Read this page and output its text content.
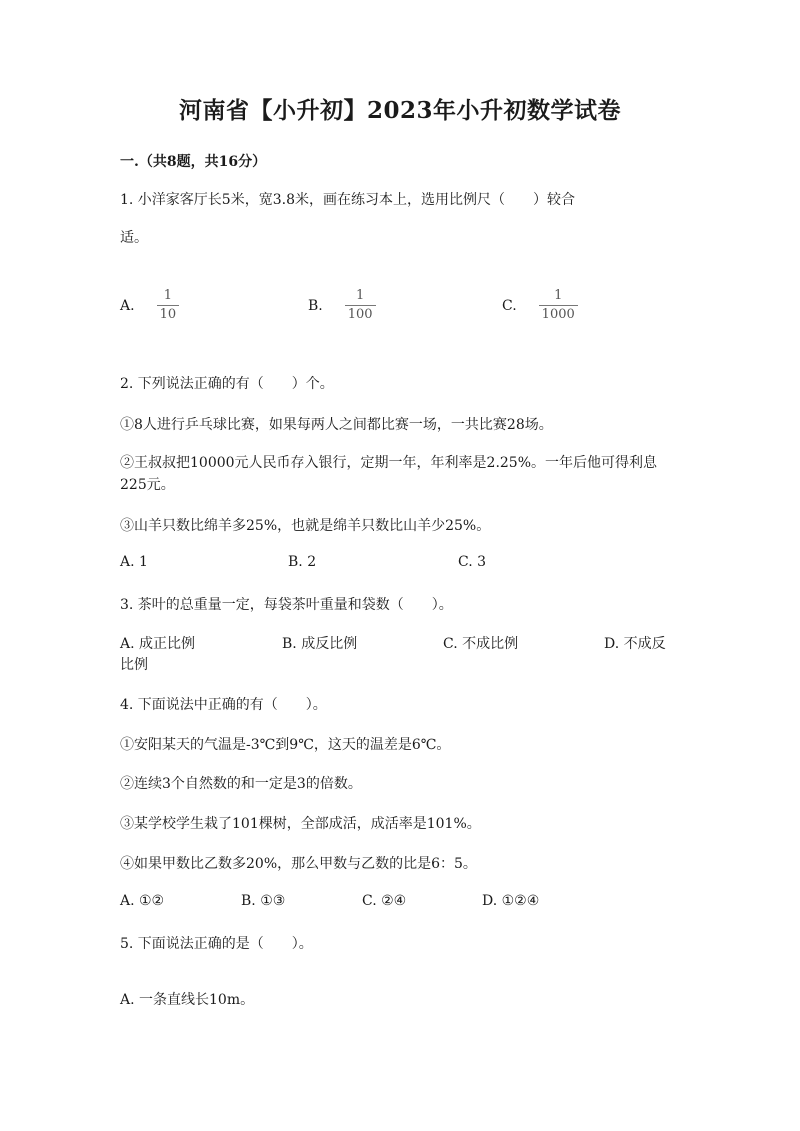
河南省【小升初】2023年小升初数学试卷
一.（共8题，共16分）
1. 小洋家客厅长5米，宽3.8米，画在练习本上，选用比例尺（　　）较合
适。
A. $\frac{1}{10}$	B. $\frac{1}{100}$	C. $\frac{1}{1000}$
2. 下列说法正确的有（　　）个。
①8人进行乒乓球比赛，如果每两人之间都比赛一场，一共比赛28场。
②王叔叔把10000元人民币存入银行，定期一年，年利率是2.25%。一年后他可得利息225元。
③山羊只数比绵羊多25%，也就是绵羊只数比山羊少25%。
A. 1	B. 2	C. 3
3. 茶叶的总重量一定，每袋茶叶重量和袋数（　　）。
A. 成正比例	B. 成反比例	C. 不成比例	D. 不成反
比例
4. 下面说法中正确的有（　　）。
①安阳某天的气温是-3℃到9℃，这天的温差是6℃。
②连续3个自然数的和一定是3的倍数。
③某学校学生栽了101棵树，全部成活，成活率是101%。
④如果甲数比乙数多20%，那么甲数与乙数的比是6：5。
A. ①②	B. ①③	C. ②④	D. ①②④
5. 下面说法正确的是（　　）。
A. 一条直线长10m。
